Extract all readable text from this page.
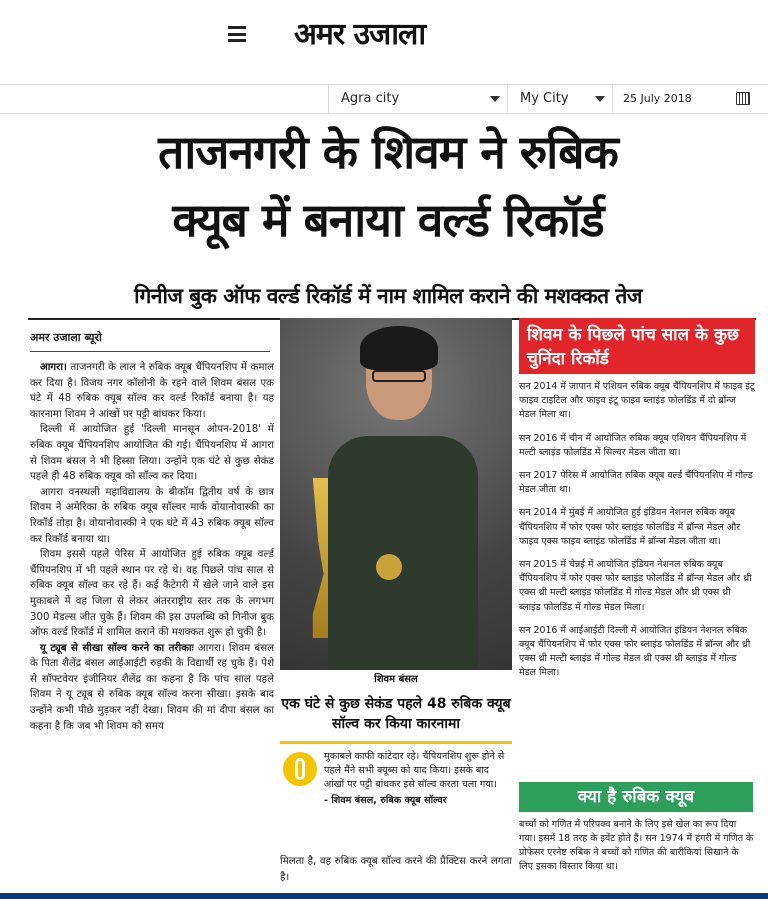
अमर उजाला
Agra city	My City	25 July 2018
ताजनगरी के शिवम ने रुबिक
क्यूब में बनाया वर्ल्ड रिकॉर्ड
गिनीज बुक ऑफ वर्ल्ड रिकॉर्ड में नाम शामिल कराने की मशक्कत तेज
अमर उजाला ब्यूरो

आगरा। ताजनगरी के लाल ने रुबिक क्यूब चैंपियनशिप में कमाल कर दिया है। विजय नगर कॉलोनी के रहने वाले शिवम बंसल एक घंटे में 48 रुबिक क्यूब सॉल्व कर वर्ल्ड रिकॉर्ड बनाया है। यह कारनामा शिवम ने आंखों पर पट्टी बांधकर किया।

दिल्ली में आयोजित हुई 'दिल्ली मानसून ओपन-2018' में रुबिक क्यूब चैंपियनशिप आयोजित की गई। चैंपियनशिप में आगरा से शिवम बंसल ने भी हिस्सा लिया। उन्होंने एक घंटे से कुछ सेकंड पहले ही 48 रुबिक क्यूब को सॉल्व कर दिया।

आगरा वनस्थली महाविद्यालय के बीकॉम द्वितीय वर्ष के छात्र शिवम ने अमेरिका के रुबिक क्यूब सॉल्वर मार्क वोयानोवास्की का रिकॉर्ड तोड़ा है। वोयानोवास्की ने एक घंटे में 43 रुबिक क्यूब सॉल्व कर रिकॉर्ड बनाया था।

शिवम इससे पहले पेरिस में आयोजित हुई रुबिक क्यूब वर्ल्ड चैंपियनशिप में भी पहले स्थान पर रहे थे। वह पिछले पांच साल से रुबिक क्यूब सॉल्व कर रहे हैं। कई कैटेगरी में खेले जाने वाले इस मुकाबले में वह जिला से लेकर अंतरराष्ट्रीय स्तर तक के लगभग 300 मेडल्स जीत चुके हैं। शिवम की इस उपलब्धि को गिनीज बुक ऑफ वर्ल्ड रिकॉर्ड में शामिल कराने की मशक्कत शुरू हो चुकी है।

यू ट्यूब से सीखा सॉल्व करने का तरीकाः आगरा। शिवम बंसल के पिता शैलेंद्र बंसल आईआईटी रुड़की के विद्यार्थी रह चुके हैं। पेशे से सॉफ्टवेयर इंजीनियर शैलेंद्र का कहना है कि पांच साल पहले शिवम ने यू ट्यूब से रुबिक क्यूब सॉल्व करना सीखा। इसके बाद उन्होंने कभी पीछे मुड़कर नहीं देखा। शिवम की मां दीपा बंसल का कहना है कि जब भी शिवम को समय

शिवम बंसल
एक घंटे से कुछ सेकंड पहले 48 रुबिक क्यूब सॉल्व कर किया कारनामा
मुकाबले काफी कांटेदार रहे। चैंपियनशिप शुरू होने से पहले मैंने सभी क्यूब्स को याद किया। इसके बाद आंखों पर पट्टी बांधकर इसे सॉल्व करता चला गया।
- शिवम बंसल, रुबिक क्यूब सॉल्वर
मिलता है, वह रुबिक क्यूब सॉल्व करने की प्रैक्टिस करने लगता है।
शिवम के पिछले पांच साल के कुछ चुनिंदा रिकॉर्ड

सन 2014 में जापान में एशियन रुबिक क्यूब चैंपियनशिप में फाइव इंटू फाइव टाइटिल और फाइव इंटू फाइव ब्लाइंड फोलडिंड में दो ब्रॉन्ज मेडल मिला था।

सन 2016 में चीन में आयोजित रुबिक क्यूब एशियन चैंपियनशिप में मल्टी ब्लाइंड फोलडिंड में सिल्वर मेडल जीता था।

सन 2017 पेरिस में आयोजित रुबिक क्यूब वर्ल्ड चैंपियनशिप में गोल्ड मेडल जीता था।

सन 2014 में मुंबई में आयोजित हुई इंडियन नेशनल रुबिक क्यूब चैंपियनशिप में फोर एक्स फोर ब्लाइंड फोलडिंड में ब्रॉन्ज मेडल और फाइव एक्स फाइव ब्लाइंड फोलडिंड में ब्रॉन्ज मेडल जीता था।

सन 2015 में चेन्नई में आयोजित इंडियन नेशनल रुबिक क्यूब चैंपियनशिप में फोर एक्स फोर ब्लाइंड फोलडिंड में ब्रॉन्ज मेडल और थ्री एक्स थ्री मल्टी ब्लाइंड फोलडिंड में गोल्ड मेडल और थ्री एक्स थ्री ब्लाइंड फोलडिंड में गोल्ड मेडल मिला।

सन 2016 में आईआईटी दिल्ली में आयोजित इंडियन नेशनल रुबिक क्यूब चैंपियनशिप में फोर एक्स फोर ब्लाइंड फोलडिंड में ब्रॉन्ज और थ्री एक्स थ्री मल्टी ब्लाइंड में गोल्ड मेडल थ्री एक्स थ्री ब्लाइंड में गोल्ड मेडल मिला।

क्या है रुबिक क्यूब

बच्चों को गणित में परिपक्व बनाने के लिए इसे खेल का रूप दिया गया। इसमें 18 तरह के इवेंट होते हैं। सन 1974 में हंगरी में गणित के प्रोफेसर एरनेष्ट रुबिक ने बच्चों को गणित की बारीकियां सिखाने के लिए इसका विस्तार किया था।
